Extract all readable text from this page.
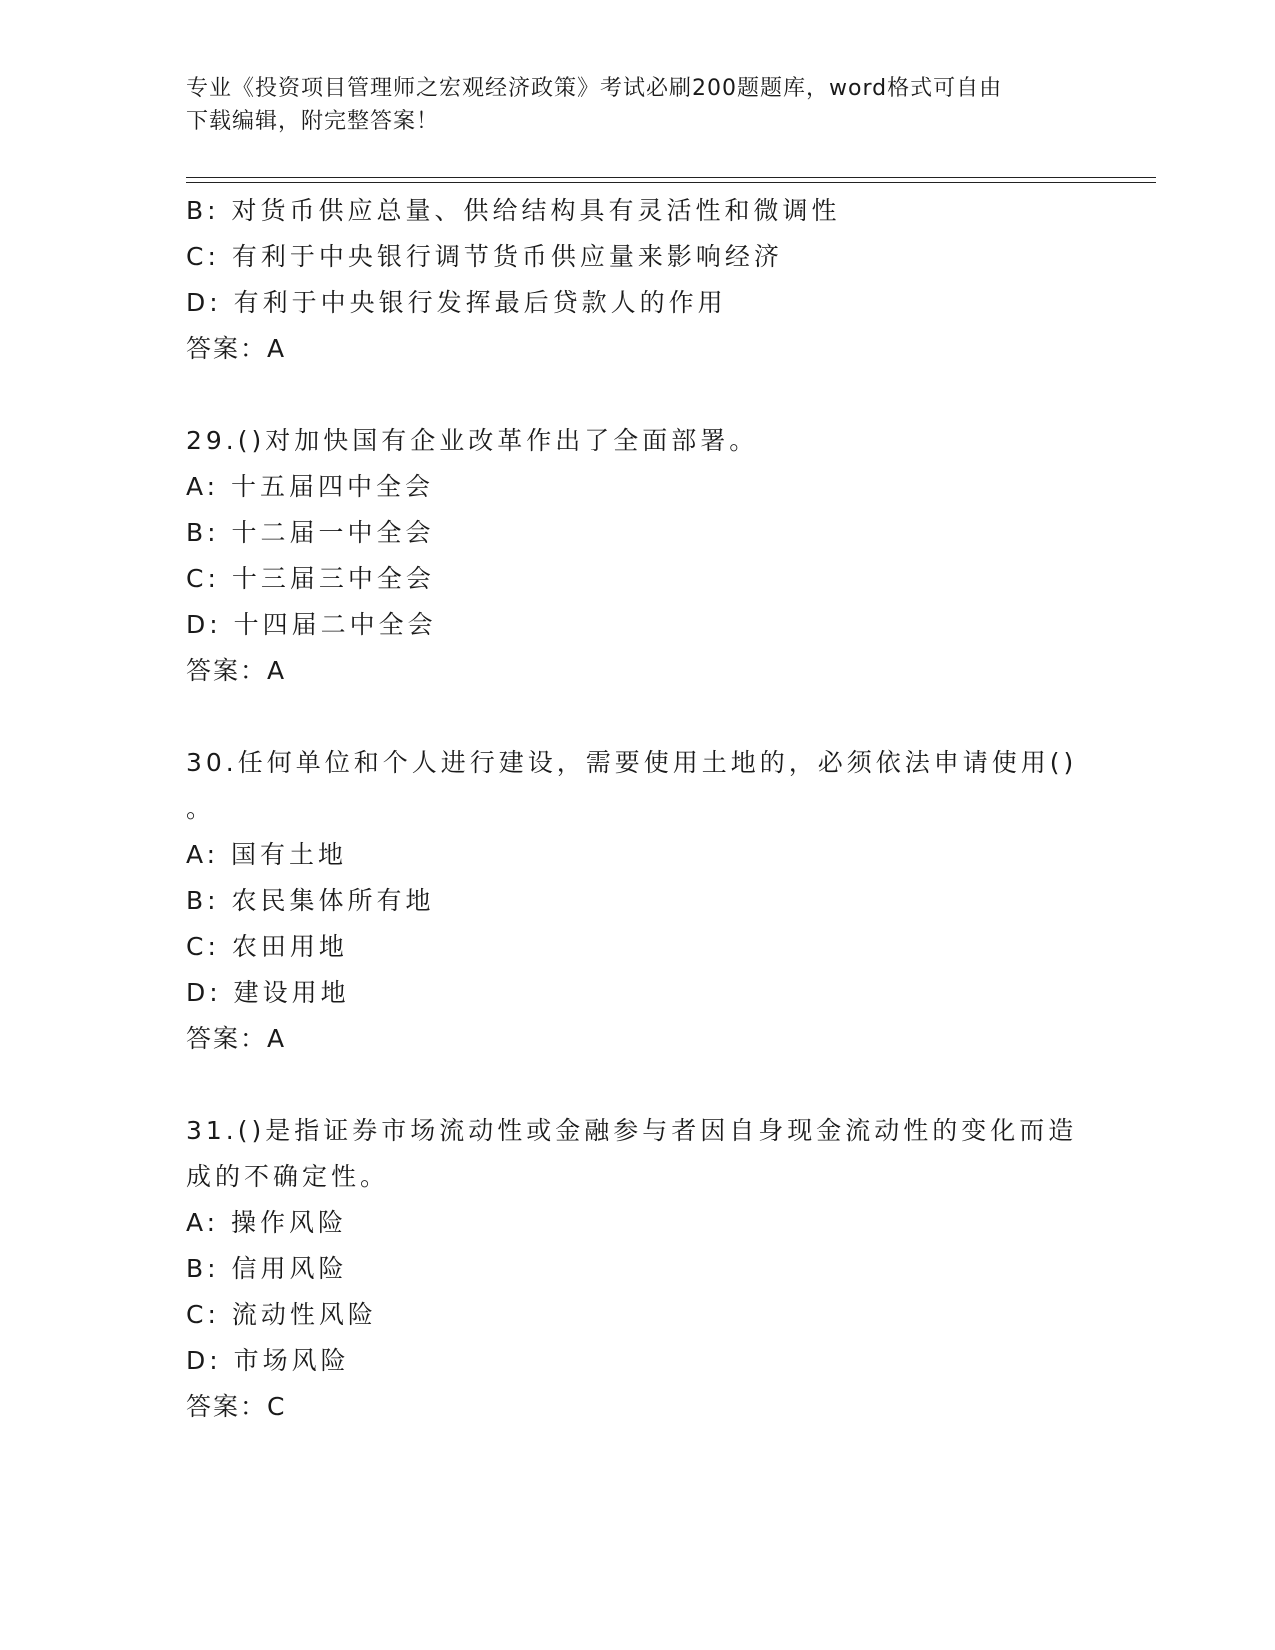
专业《投资项目管理师之宏观经济政策》考试必刷200题题库，word格式可自由
下载编辑，附完整答案！
B: 对货币供应总量、供给结构具有灵活性和微调性
C: 有利于中央银行调节货币供应量来影响经济
D: 有利于中央银行发挥最后贷款人的作用
答案：A
29.()对加快国有企业改革作出了全面部署。
A: 十五届四中全会
B: 十二届一中全会
C: 十三届三中全会
D: 十四届二中全会
答案：A
30.任何单位和个人进行建设，需要使用土地的，必须依法申请使用()
。
A: 国有土地
B: 农民集体所有地
C: 农田用地
D: 建设用地
答案：A
31.()是指证券市场流动性或金融参与者因自身现金流动性的变化而造
成的不确定性。
A: 操作风险
B: 信用风险
C: 流动性风险
D: 市场风险
答案：C
